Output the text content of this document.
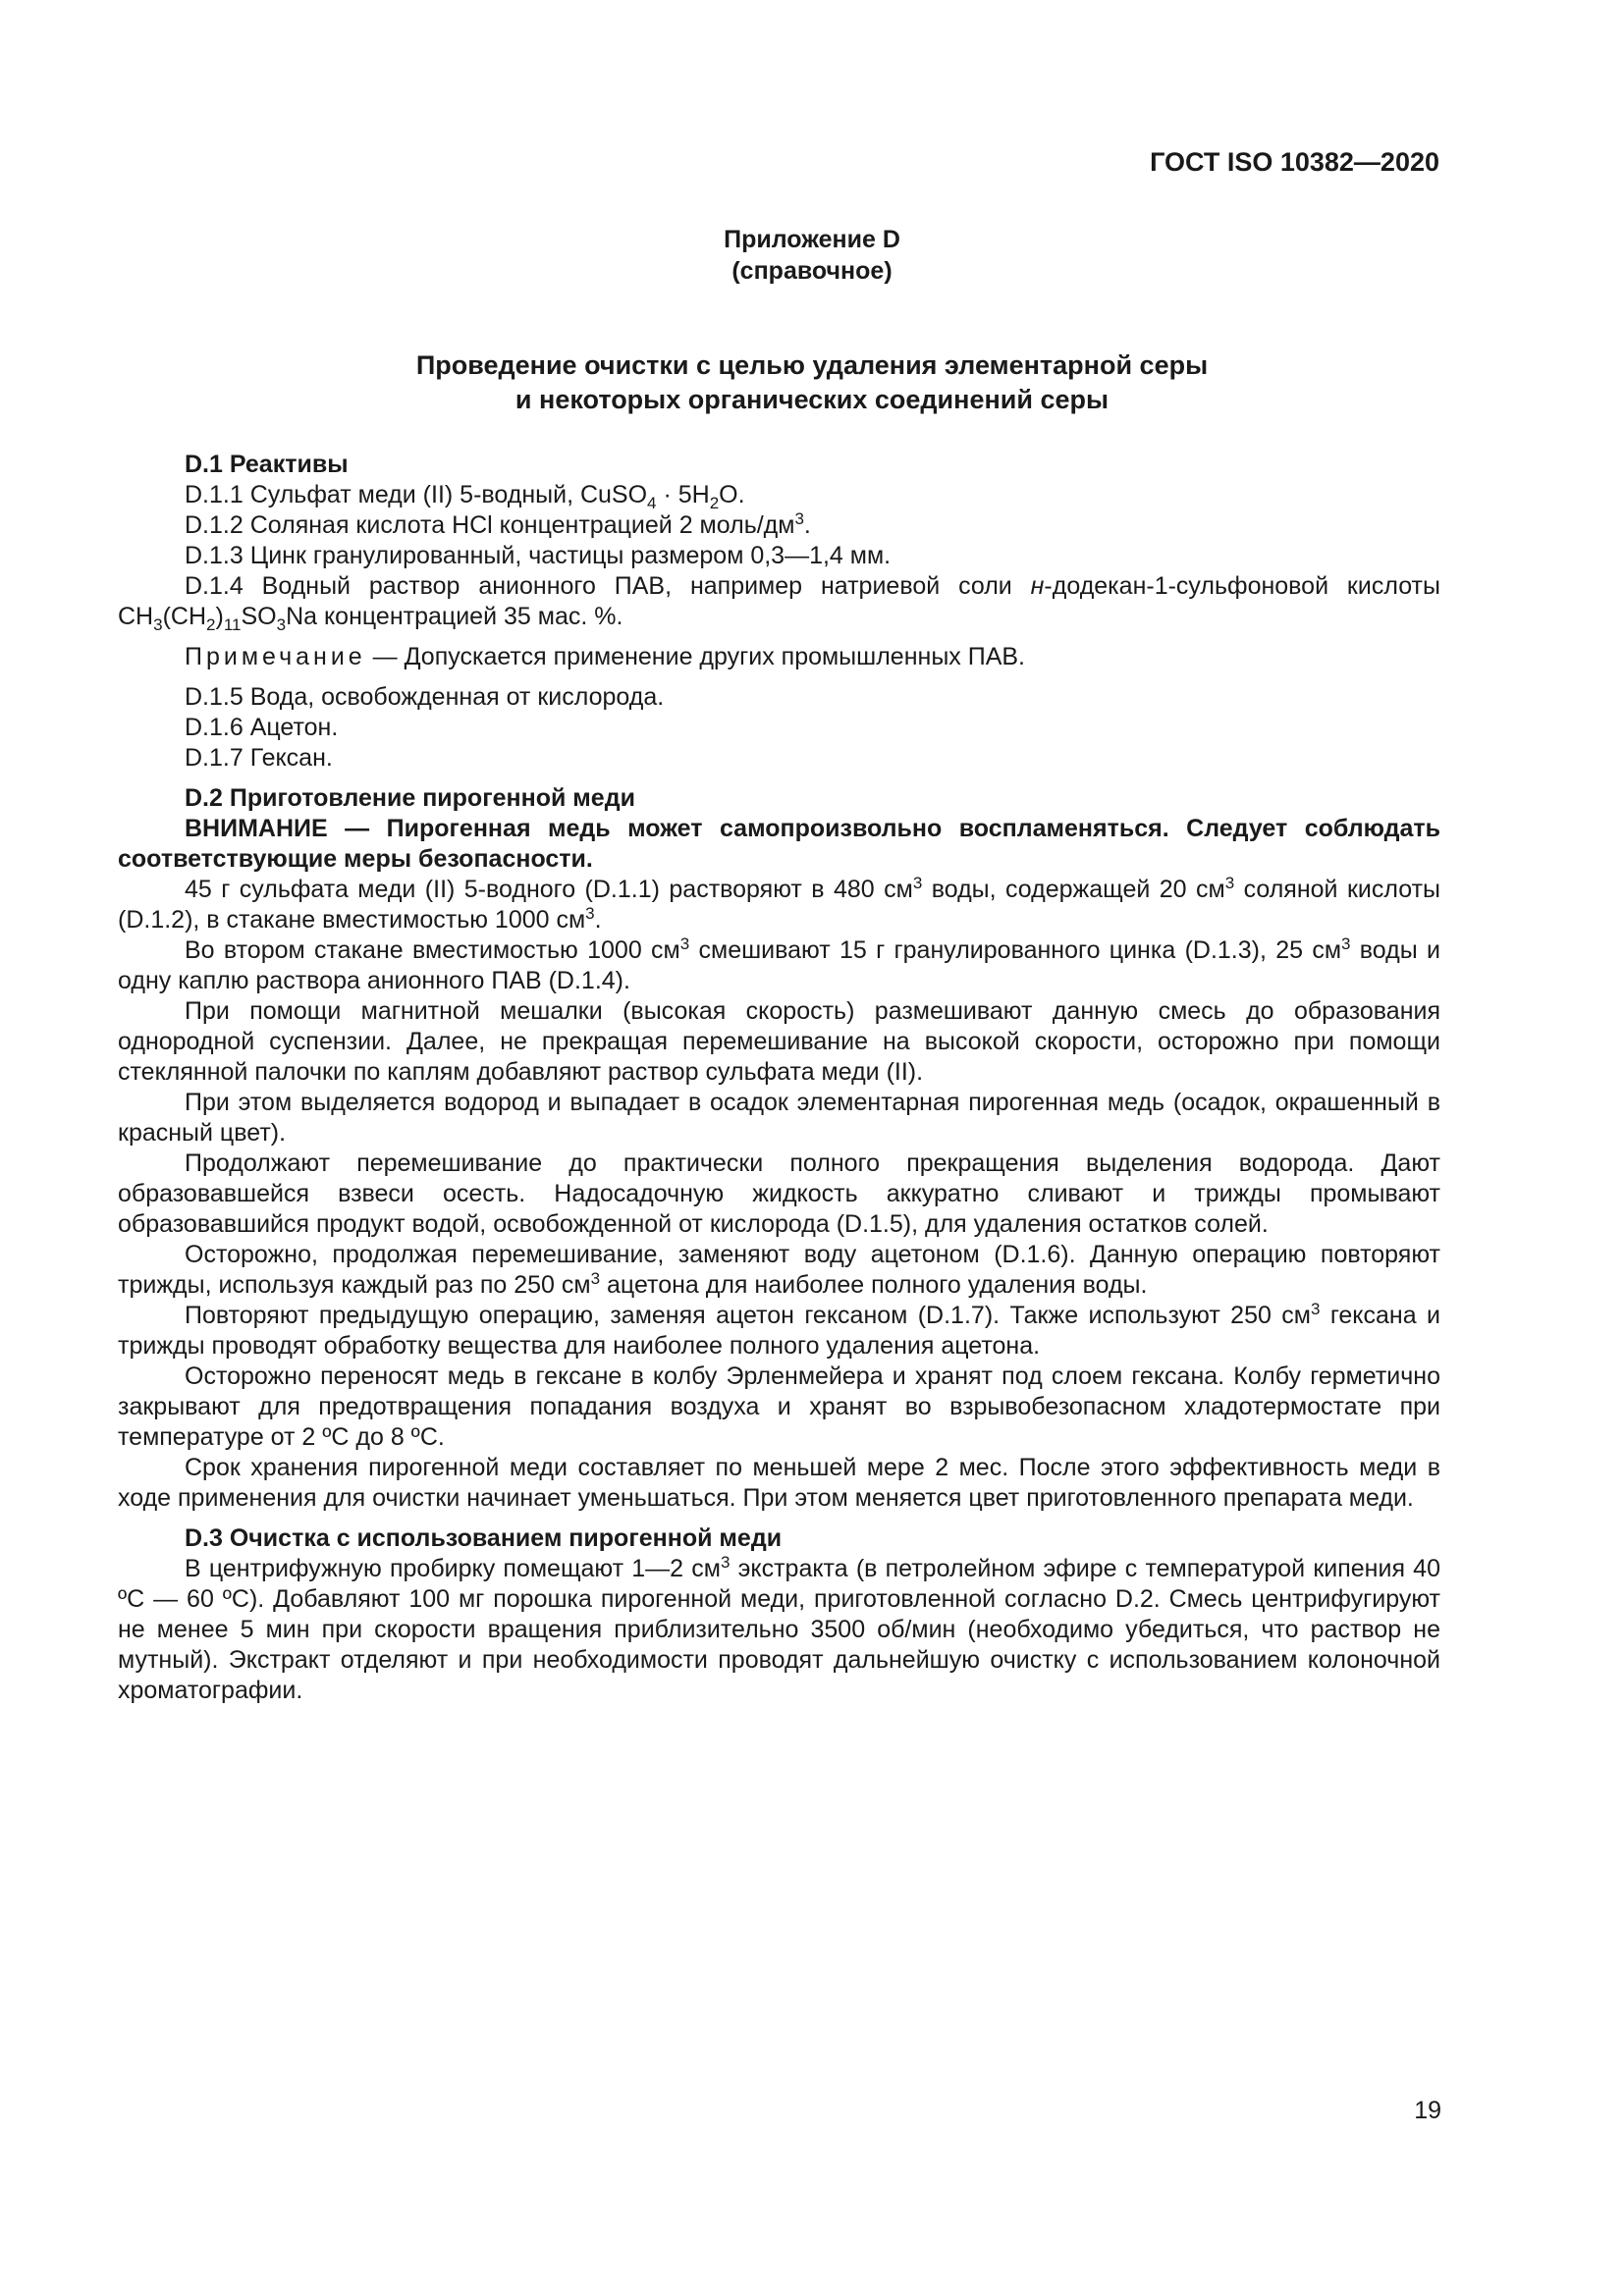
ГОСТ ISO 10382—2020
Приложение D
(справочное)
Проведение очистки с целью удаления элементарной серы
и некоторых органических соединений серы

D.1 Реактивы

D.1.1 Сульфат меди (II) 5-водный, CuSO$_4$ · $5H_2O$.

D.1.2 Соляная кислота HCl концентрацией 2 моль/$дм^3$.

D.1.3 Цинк гранулированный, частицы размером 0,3—1,4 мм.

D.1.4 Водный раствор анионного ПАВ, например натриевой соли н-додекан-1-сульфоновой кислоты $CH_3(CH_2)_{11}SO_3Na$ концентрацией 35 мас. %.

Примечание — Допускается применение других промышленных ПАВ.

D.1.5 Вода, освобожденная от кислорода.

D.1.6 Ацетон.

D.1.7 Гексан.

D.2 Приготовление пирогенной меди

ВНИМАНИЕ — Пирогенная медь может самопроизвольно воспламеняться. Следует соблюдать соответствующие меры безопасности.

45 г сульфата меди (II) 5-водного (D.1.1) растворяют в 480 $см^3$ воды, содержащей 20 $см^3$ соляной кислоты (D.1.2), в стакане вместимостью 1000 $см^3$.

Во втором стакане вместимостью 1000 $см^3$ смешивают 15 г гранулированного цинка (D.1.3), 25 $см^3$ воды и одну каплю раствора анионного ПАВ (D.1.4).

При помощи магнитной мешалки (высокая скорость) размешивают данную смесь до образования однородной суспензии. Далее, не прекращая перемешивание на высокой скорости, осторожно при помощи стеклянной палочки по каплям добавляют раствор сульфата меди (II).

При этом выделяется водород и выпадает в осадок элементарная пирогенная медь (осадок, окрашенный в красный цвет).

Продолжают перемешивание до практически полного прекращения выделения водорода. Дают образовавшейся взвеси осесть. Надосадочную жидкость аккуратно сливают и трижды промывают образовавшийся продукт водой, освобожденной от кислорода (D.1.5), для удаления остатков солей.

Осторожно, продолжая перемешивание, заменяют воду ацетоном (D.1.6). Данную операцию повторяют трижды, используя каждый раз по 250 $см^3$ ацетона для наиболее полного удаления воды.

Повторяют предыдущую операцию, заменяя ацетон гексаном (D.1.7). Также используют 250 $см^3$ гексана и трижды проводят обработку вещества для наиболее полного удаления ацетона.

Осторожно переносят медь в гексане в колбу Эрленмейера и хранят под слоем гексана. Колбу герметично закрывают для предотвращения попадания воздуха и хранят во взрывобезопасном хладотермостате при температуре от 2 ºС до 8 ºС.

Срок хранения пирогенной меди составляет по меньшей мере 2 мес. После этого эффективность меди в ходе применения для очистки начинает уменьшаться. При этом меняется цвет приготовленного препарата меди.

D.3 Очистка с использованием пирогенной меди

В центрифужную пробирку помещают 1—2 $см^3$ экстракта (в петролейном эфире с температурой кипения 40 ºС — 60 ºС). Добавляют 100 мг порошка пирогенной меди, приготовленной согласно D.2. Смесь центрифугируют не менее 5 мин при скорости вращения приблизительно 3500 об/мин (необходимо убедиться, что раствор не мутный). Экстракт отделяют и при необходимости проводят дальнейшую очистку с использованием колоночной хроматографии.

19
